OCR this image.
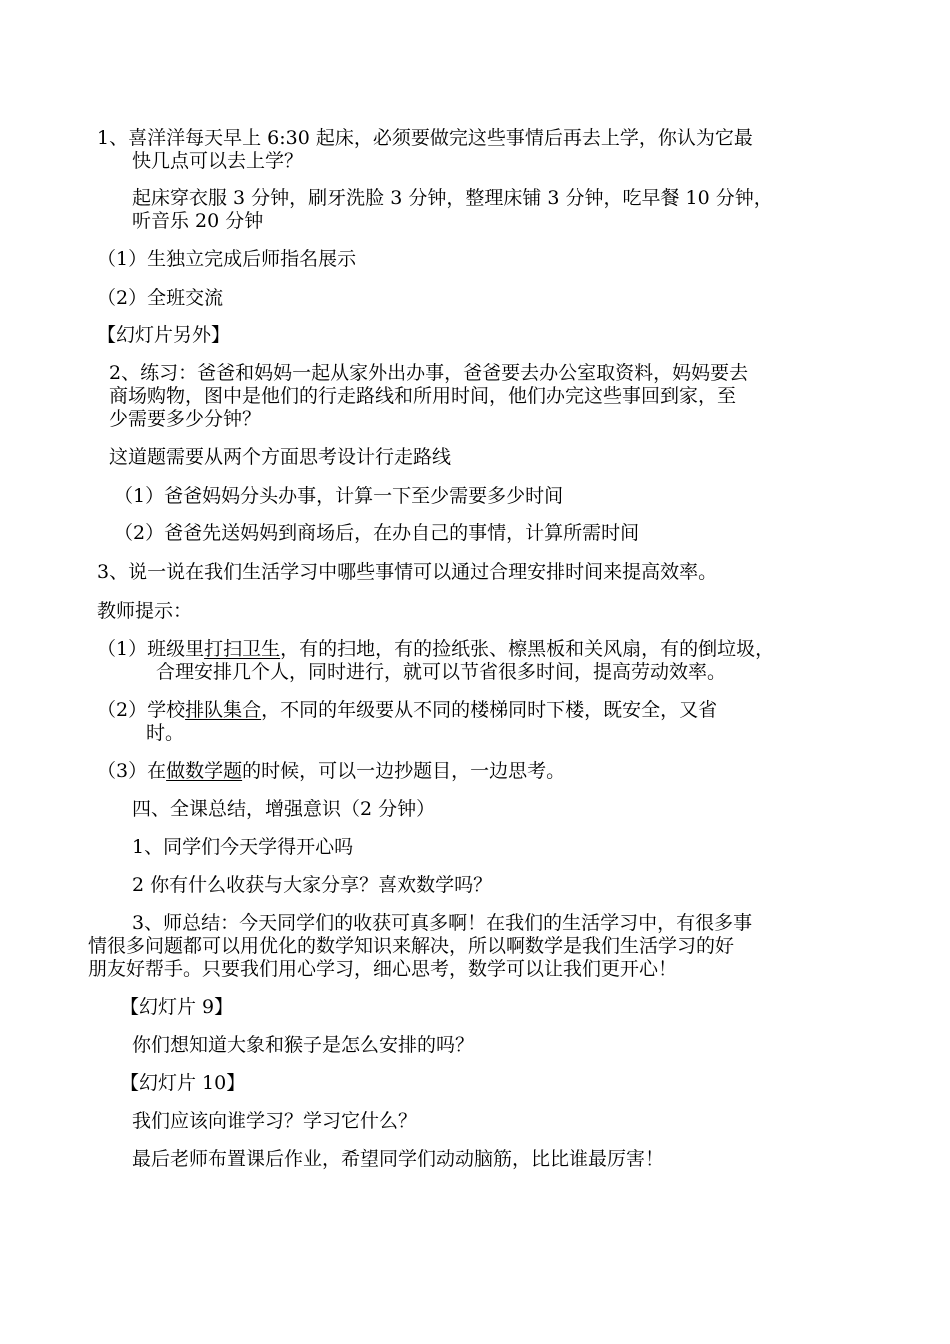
1、喜洋洋每天早上 6:30 起床，必须要做完这些事情后再去上学，你认为它最

快几点可以去上学？

起床穿衣服 3 分钟，刷牙洗脸 3 分钟，整理床铺 3 分钟，吃早餐 10 分钟，

听音乐 20 分钟

（1）生独立完成后师指名展示

（2）全班交流

【幻灯片另外】

2、练习：爸爸和妈妈一起从家外出办事，爸爸要去办公室取资料，妈妈要去

商场购物，图中是他们的行走路线和所用时间，他们办完这些事回到家，至

少需要多少分钟？

这道题需要从两个方面思考设计行走路线

（1）爸爸妈妈分头办事，计算一下至少需要多少时间

（2）爸爸先送妈妈到商场后，在办自己的事情，计算所需时间

3、说一说在我们生活学习中哪些事情可以通过合理安排时间来提高效率。

教师提示：

（1）班级里打扫卫生，有的扫地，有的捡纸张、檫黑板和关风扇，有的倒垃圾，

合理安排几个人，同时进行，就可以节省很多时间，提高劳动效率。

（2）学校排队集合，不同的年级要从不同的楼梯同时下楼，既安全，又省

时。

（3）在做数学题的时候，可以一边抄题目，一边思考。

四、全课总结，增强意识（2 分钟）

1、同学们今天学得开心吗

2 你有什么收获与大家分享？喜欢数学吗？

3、师总结：今天同学们的收获可真多啊！在我们的生活学习中，有很多事

情很多问题都可以用优化的数学知识来解决，所以啊数学是我们生活学习的好

朋友好帮手。只要我们用心学习，细心思考，数学可以让我们更开心！

【幻灯片 9】

你们想知道大象和猴子是怎么安排的吗？

【幻灯片 10】

我们应该向谁学习？学习它什么？

最后老师布置课后作业，希望同学们动动脑筋，比比谁最厉害！
